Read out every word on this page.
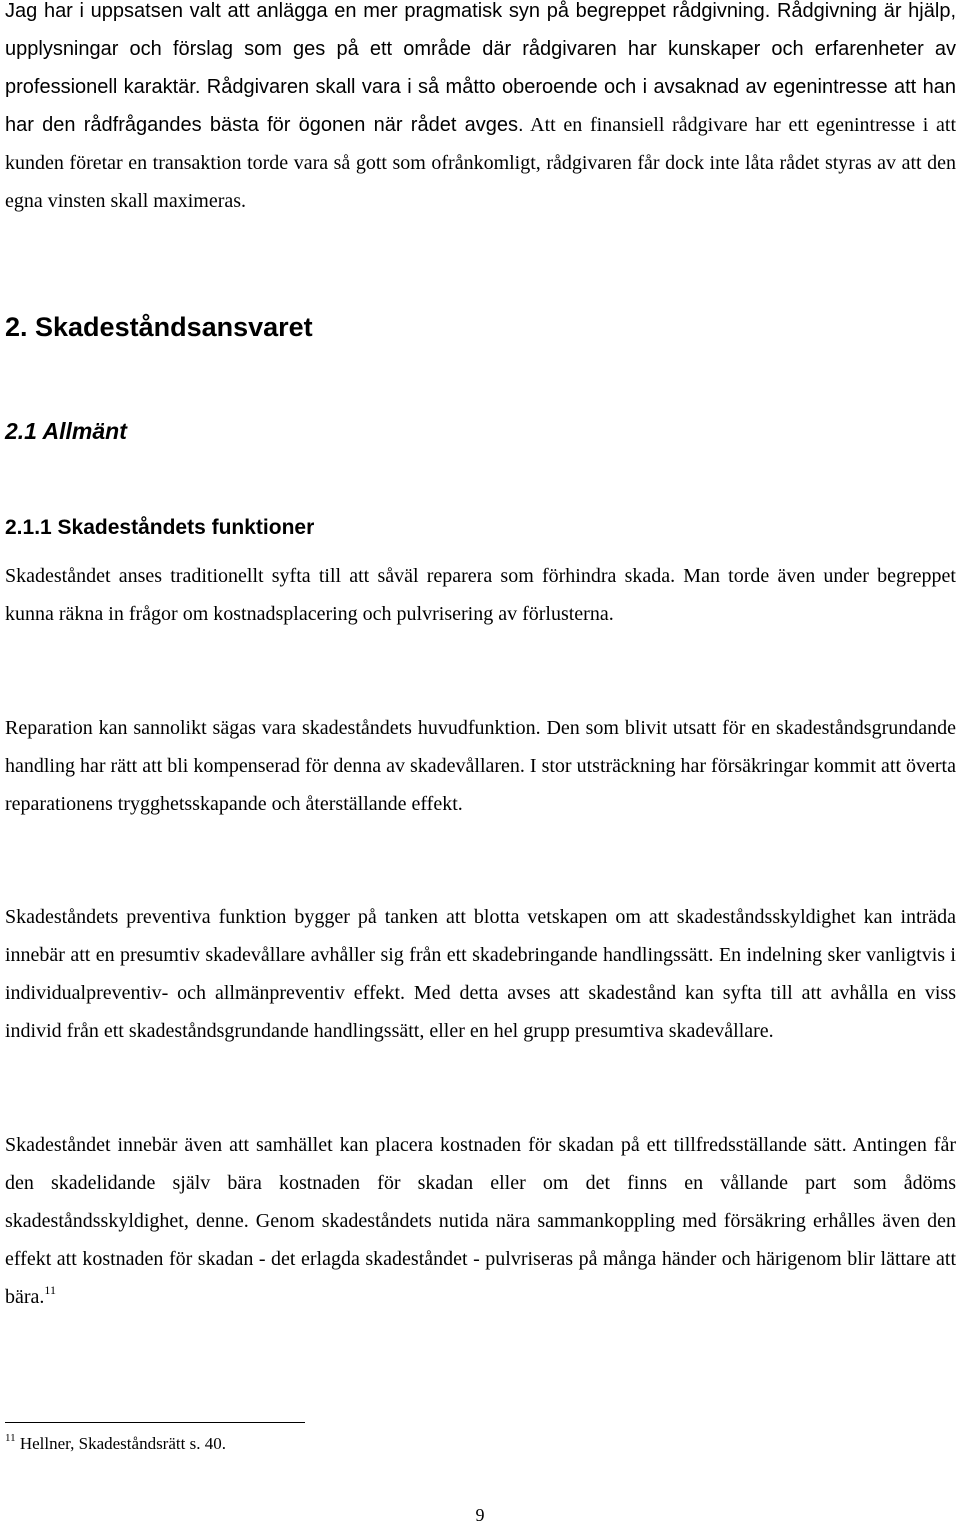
Jag har i uppsatsen valt att anlägga en mer pragmatisk syn på begreppet rådgivning. Rådgivning är hjälp, upplysningar och förslag som ges på ett område där rådgivaren har kunskaper och erfarenheter av professionell karaktär. Rådgivaren skall vara i så måtto oberoende och i avsaknad av egenintresse att han har den rådfrågandes bästa för ögonen när rådet avges. Att en finansiell rådgivare har ett egenintresse i att kunden företar en transaktion torde vara så gott som ofrånkomligt, rådgivaren får dock inte låta rådet styras av att den egna vinsten skall maximeras.

2. Skadeståndsansvaret
2.1 Allmänt
2.1.1 Skadeståndets funktioner

Skadeståndet anses traditionellt syfta till att såväl reparera som förhindra skada. Man torde även under begreppet kunna räkna in frågor om kostnadsplacering och pulvrisering av förlusterna.

Reparation kan sannolikt sägas vara skadeståndets huvudfunktion. Den som blivit utsatt för en skadeståndsgrundande handling har rätt att bli kompenserad för denna av skadevållaren. I stor utsträckning har försäkringar kommit att överta reparationens trygghetsskapande och återställande effekt.

Skadeståndets preventiva funktion bygger på tanken att blotta vetskapen om att skadeståndsskyldighet kan inträda innebär att en presumtiv skadevållare avhåller sig från ett skadebringande handlingssätt. En indelning sker vanligtvis i individualpreventiv- och allmänpreventiv effekt. Med detta avses att skadestånd kan syfta till att avhålla en viss individ från ett skadeståndsgrundande handlingssätt, eller en hel grupp presumtiva skadevållare.

Skadeståndet innebär även att samhället kan placera kostnaden för skadan på ett tillfredsställande sätt. Antingen får den skadelidande själv bära kostnaden för skadan eller om det finns en vållande part som ådöms skadeståndsskyldighet, denne. Genom skadeståndets nutida nära sammankoppling med försäkring erhålles även den effekt att kostnaden för skadan - det erlagda skadeståndet - pulvriseras på många händer och härigenom blir lättare att bära.$^{11}$

$^{11}$ Hellner, Skadeståndsrätt s. 40.

9
